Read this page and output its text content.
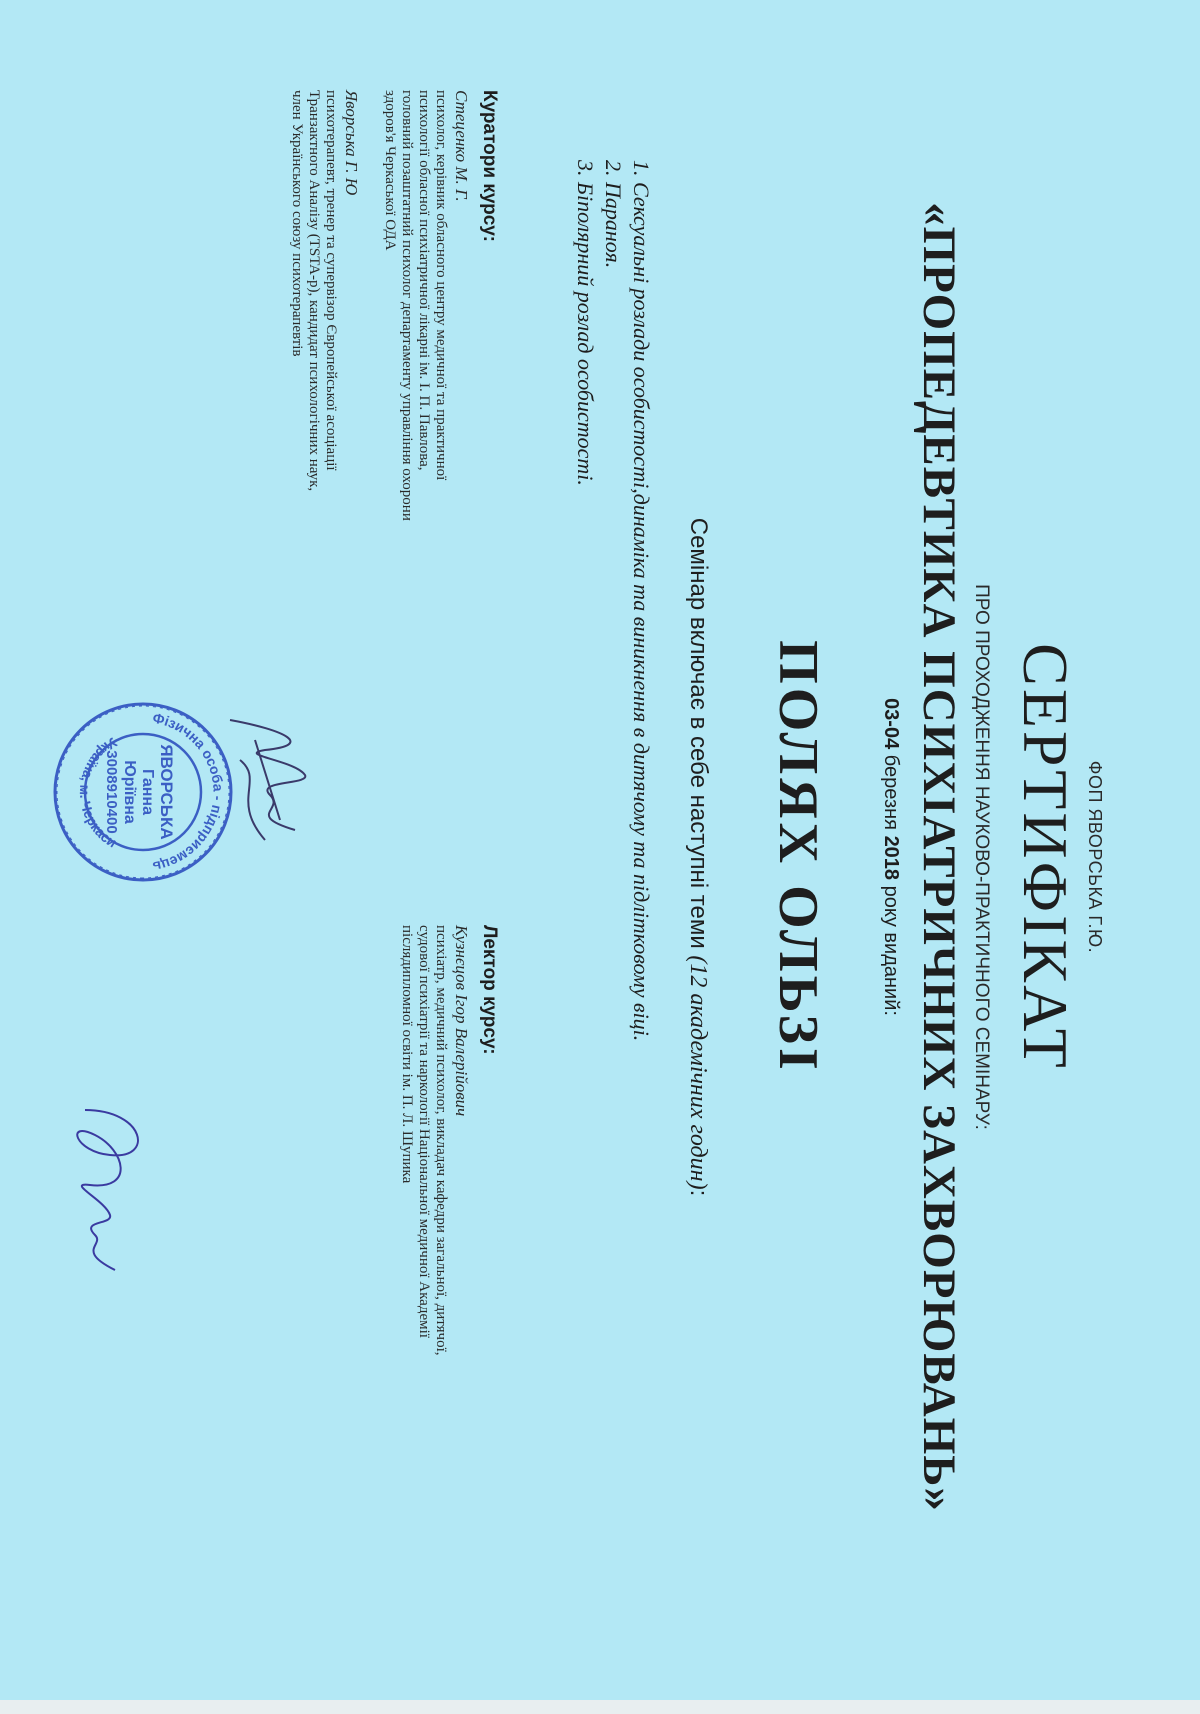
ФОП ЯВОРСЬКА Г.Ю.
СЕРТИФІКАТ
ПРО ПРОХОДЖЕННЯ НАУКОВО-ПРАКТИЧНОГО СЕМІНАРУ:
«ПРОПЕДЕВТИКА ПСИХІАТРИЧНИХ ЗАХВОРЮВАНЬ»
03-04 березня 2018 року виданий:
ПОЛЯХ ОЛЬЗІ
Семінар включає в себе наступні теми (12 академічних годин):
1. Сексуальні розлади особистості,динаміка та виникнення в дитячому та підлітковому віці.
2. Параноя.
3. Біполярний розлад особистості.
Куратори курсу:
Стеценко М. Г.
психолог, керівник обласного центру медичної та практичної
психології обласної психіатричної лікарні ім. І. П. Павлова,
головний позаштатний психолог департаменту управління охорони
здоров'я Черкаської ОДА
Яворська Г. Ю
психотерапевт, тренер та супервізор Європейської асоціації
Транзактного Аналізу (TSTA-p), кандидат психологічних наук,
член Українського союзу психотерапевтів
Лектор курсу:
Кузнєцов Ігор Валерійович
психіатр, медичний психолог, викладач кафедри загальної, дитячої,
судової психіатрії та наркології Національної медичної Академії
післядипломної освіти ім. П. Л. Шупика
Фізична особа - підприємець
Україна, м. Черкаси
ЯВОРСЬКА
Ганна
Юріївна
3008910400
